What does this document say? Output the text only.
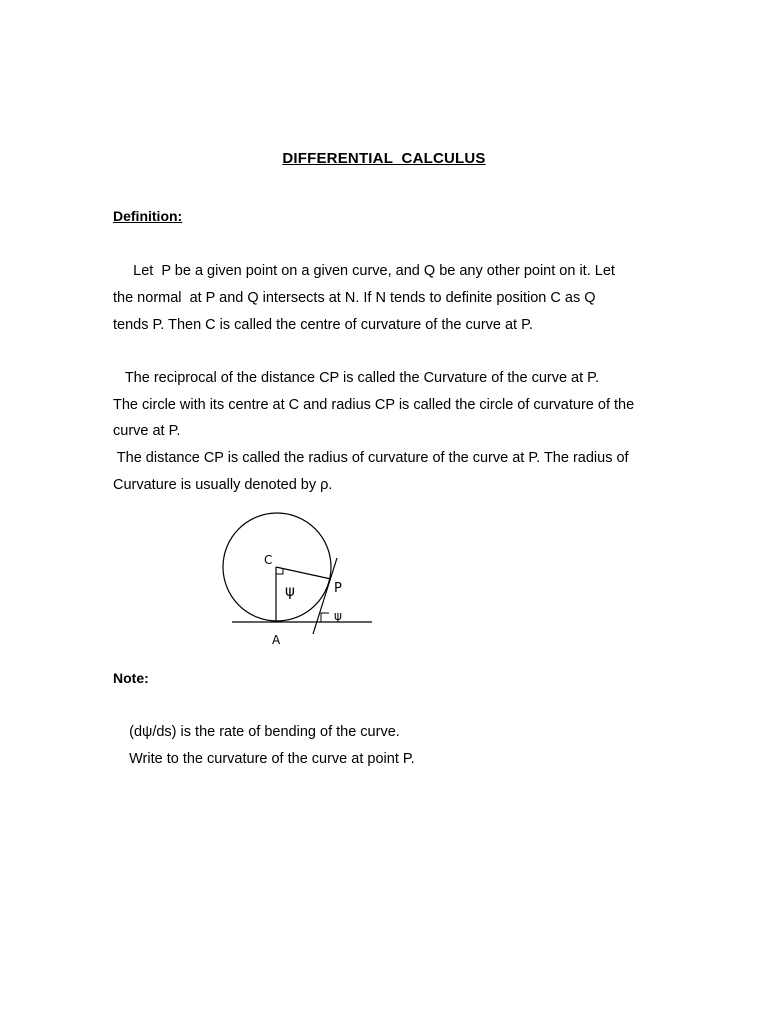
DIFFERENTIAL  CALCULUS
Definition:
Let  P be a given point on a given curve, and Q be any other point on it. Let
the normal  at P and Q intersects at N. If N tends to definite position C as Q
tends P. Then C is called the centre of curvature of the curve at P.
The reciprocal of the distance CP is called the Curvature of the curve at P.
The circle with its centre at C and radius CP is called the circle of curvature of the
curve at P.
The distance CP is called the radius of curvature of the curve at P. The radius of
Curvature is usually denoted by ρ.
C
P
A
ψ
ψ
Note:
(dψ/ds) is the rate of bending of the curve.
Write to the curvature of the curve at point P.
